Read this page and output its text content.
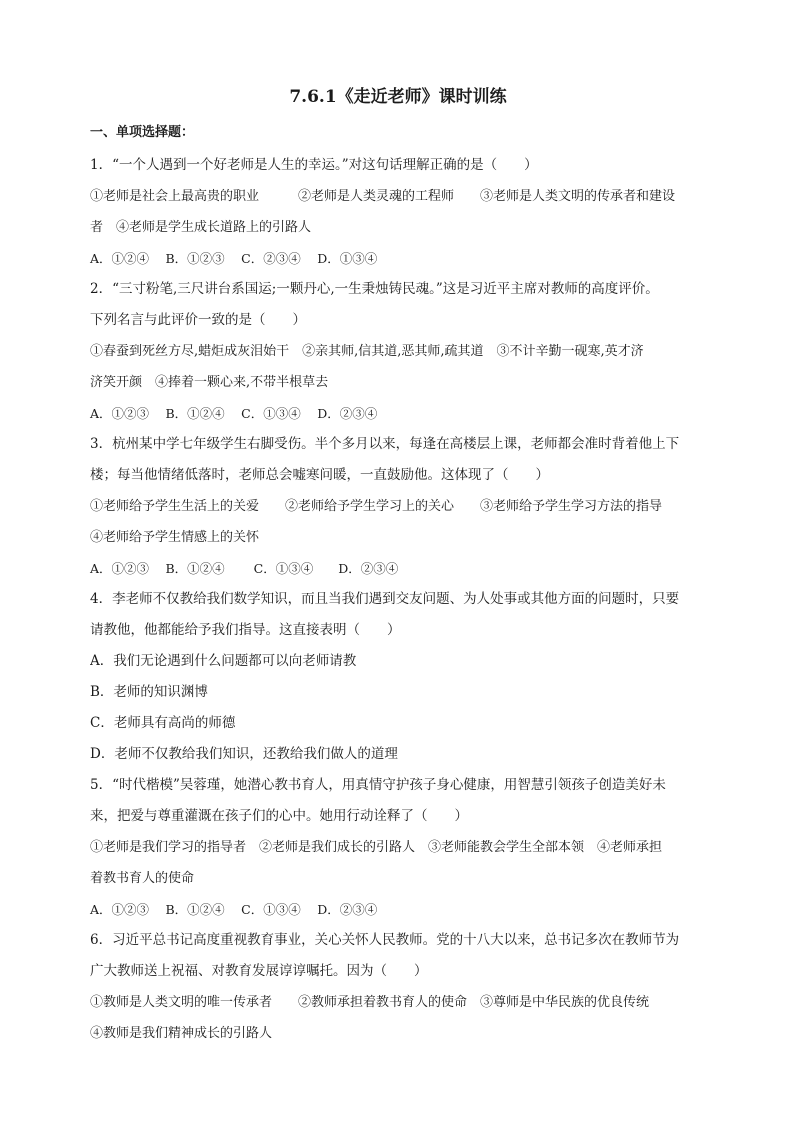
7.6.1《走近老师》课时训练
一、单项选择题：
1．“一个人遇到一个好老师是人生的幸运。”对这句话理解正确的是（　　）
①老师是社会上最高贵的职业　　　②老师是人类灵魂的工程师　　③老师是人类文明的传承者和建设
者　④老师是学生成长道路上的引路人
A．①②④　 B．①②③　 C．②③④　 D．①③④
2．“三寸粉笔,三尺讲台系国运;一颗丹心,一生秉烛铸民魂。”这是习近平主席对教师的高度评价。
下列名言与此评价一致的是（　　）
①春蚕到死丝方尽,蜡炬成灰泪始干　②亲其师,信其道,恶其师,疏其道　③不计辛勤一砚寒,英才济
济笑开颜　④捧着一颗心来,不带半根草去
A．①②③　 B．①②④　 C．①③④　 D．②③④
3．杭州某中学七年级学生右脚受伤。半个多月以来，每逢在高楼层上课，老师都会准时背着他上下
楼；每当他情绪低落时，老师总会嘘寒问暖，一直鼓励他。这体现了（　　）
①老师给予学生生活上的关爱　　②老师给予学生学习上的关心　　③老师给予学生学习方法的指导
④老师给予学生情感上的关怀
A．①②③　 B．①②④　　 C．①③④　　D．②③④
4．李老师不仅教给我们数学知识，而且当我们遇到交友问题、为人处事或其他方面的问题时，只要
请教他，他都能给予我们指导。这直接表明（　　）
A．我们无论遇到什么问题都可以向老师请教
B．老师的知识渊博
C．老师具有高尚的师德
D．老师不仅教给我们知识，还教给我们做人的道理
5．“时代楷模”吴蓉瑾，她潜心教书育人，用真情守护孩子身心健康，用智慧引领孩子创造美好未
来，把爱与尊重灌溉在孩子们的心中。她用行动诠释了（　　）
①老师是我们学习的指导者　②老师是我们成长的引路人　③老师能教会学生全部本领　④老师承担
着教书育人的使命
A．①②③　 B．①②④　 C．①③④　 D．②③④
6．习近平总书记高度重视教育事业，关心关怀人民教师。党的十八大以来，总书记多次在教师节为
广大教师送上祝福、对教育发展谆谆嘱托。因为（　　）
①教师是人类文明的唯一传承者　　②教师承担着教书育人的使命　③尊师是中华民族的优良传统
④教师是我们精神成长的引路人
